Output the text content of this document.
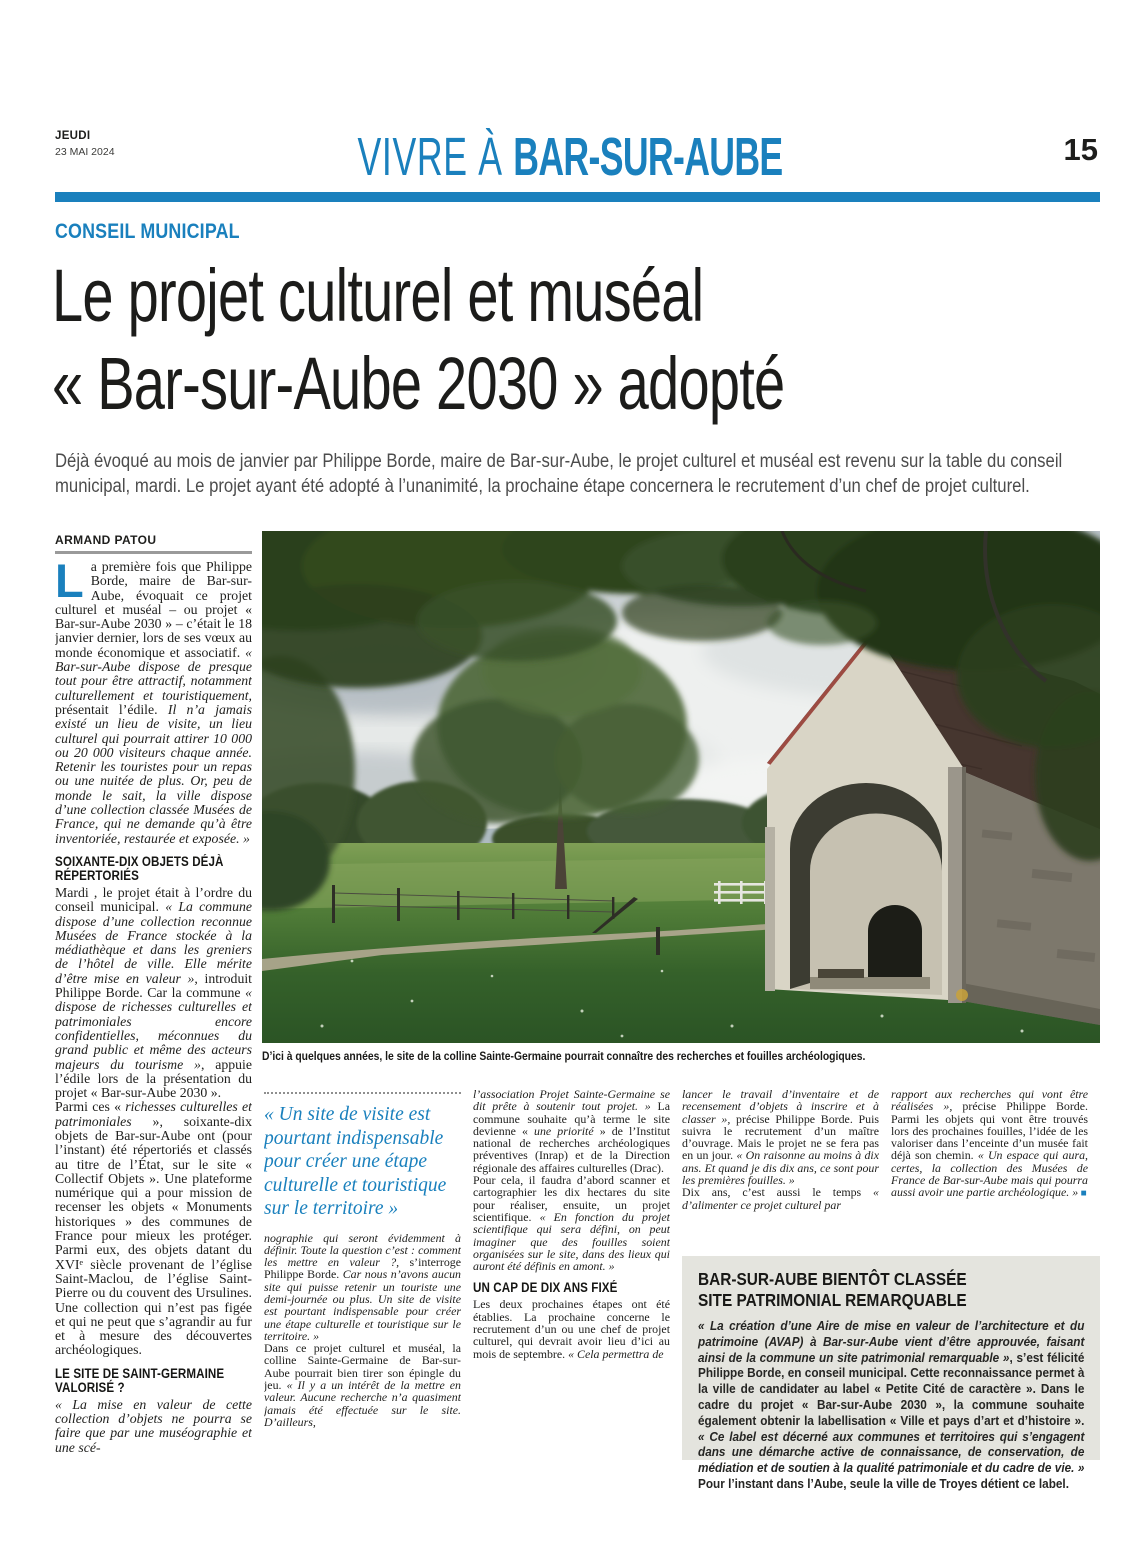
JEUDI
23 MAI 2024	VIVRE À BAR-SUR-AUBE	15
CONSEIL MUNICIPAL
Le projet culturel et muséal
« Bar-sur-Aube 2030 » adopté
Déjà évoqué au mois de janvier par Philippe Borde, maire de Bar-sur-Aube, le projet culturel et muséal est revenu sur la table du conseil municipal, mardi. Le projet ayant été adopté à l’unanimité, la prochaine étape concernera le recrutement d’un chef de projet culturel.
ARMAND PATOU
D’ici à quelques années, le site de la colline Sainte-Germaine pourrait connaître des recherches et fouilles archéologiques.

La première fois que Philippe Borde, maire de Bar-sur-Aube, évoquait ce projet culturel et muséal – ou projet « Bar-sur-Aube 2030 » – c’était le 18 janvier dernier, lors de ses vœux au monde économique et associatif. « Bar-sur-Aube dispose de presque tout pour être attractif, notamment culturellement et touristiquement, présentait l’édile. Il n’a jamais existé un lieu de visite, un lieu culturel qui pourrait attirer 10 000 ou 20 000 visiteurs chaque année. Retenir les touristes pour un repas ou une nuitée de plus. Or, peu de monde le sait, la ville dispose d’une collection classée Musées de France, qui ne demande qu’à être inventoriée, restaurée et exposée. »

SOIXANTE-DIX OBJETS DÉJÀ RÉPERTORIÉS

Mardi , le projet était à l’ordre du conseil municipal. « La commune dispose d’une collection reconnue Musées de France stockée à la médiathèque et dans les greniers de l’hôtel de ville. Elle mérite d’être mise en valeur », introduit Philippe Borde. Car la commune « dispose de richesses culturelles et patrimoniales encore confidentielles, méconnues du grand public et même des acteurs majeurs du tourisme », appuie l’édile lors de la présentation du projet « Bar-sur-Aube 2030 ».

Parmi ces « richesses culturelles et patrimoniales », soixante-dix objets de Bar-sur-Aube ont (pour l’instant) été répertoriés et classés au titre de l’État, sur le site « Collectif Objets ». Une plateforme numérique qui a pour mission de recenser les objets « Monuments historiques » des communes de France pour mieux les protéger. Parmi eux, des objets datant du XVIᵉ siècle provenant de l’église Saint-Maclou, de l’église Saint-Pierre ou du couvent des Ursulines. Une collection qui n’est pas figée et qui ne peut que s’agrandir au fur et à mesure des découvertes archéologiques.

LE SITE DE SAINT-GERMAINE VALORISÉ ?

« La mise en valeur de cette collection d’objets ne pourra se faire que par une muséographie et une scé-

« Un site de visite est pourtant indispensable pour créer une étape culturelle et touristique sur le territoire »

nographie qui seront évidemment à définir. Toute la question c’est : comment les mettre en valeur ?, s’interroge Philippe Borde. Car nous n’avons aucun site qui puisse retenir un touriste une demi-journée ou plus. Un site de visite est pourtant indispensable pour créer une étape culturelle et touristique sur le territoire. »

Dans ce projet culturel et muséal, la colline Sainte-Germaine de Bar-sur-Aube pourrait bien tirer son épingle du jeu. « Il y a un intérêt de la mettre en valeur. Aucune recherche n’a quasiment jamais été effectuée sur le site. D’ailleurs,

l’association Projet Sainte-Germaine se dit prête à soutenir tout projet. » La commune souhaite qu’à terme le site devienne « une priorité » de l’Institut national de recherches archéologiques préventives (Inrap) et de la Direction régionale des affaires culturelles (Drac).

Pour cela, il faudra d’abord scanner et cartographier les dix hectares du site pour réaliser, ensuite, un projet scientifique. « En fonction du projet scientifique qui sera défini, on peut imaginer que des fouilles soient organisées sur le site, dans des lieux qui auront été définis en amont. »

UN CAP DE DIX ANS FIXÉ

Les deux prochaines étapes ont été établies. La prochaine concerne le recrutement d’un ou une chef de projet culturel, qui devrait avoir lieu d’ici au mois de septembre. « Cela permettra de

lancer le travail d’inventaire et de recensement d’objets à inscrire et à classer », précise Philippe Borde. Puis suivra le recrutement d’un maître d’ouvrage. Mais le projet ne se fera pas en un jour. « On raisonne au moins à dix ans. Et quand je dis dix ans, ce sont pour les premières fouilles. »

Dix ans, c’est aussi le temps « d’alimenter ce projet culturel par

rapport aux recherches qui vont être réalisées », précise Philippe Borde. Parmi les objets qui vont être trouvés lors des prochaines fouilles, l’idée de les valoriser dans l’enceinte d’un musée fait déjà son chemin. « Un espace qui aura, certes, la collection des Musées de France de Bar-sur-Aube mais qui pourra aussi avoir une partie archéologique. » ■

BAR-SUR-AUBE BIENTÔT CLASSÉE
SITE PATRIMONIAL REMARQUABLE
« La création d’une Aire de mise en valeur de l’architecture et du patrimoine (AVAP) à Bar-sur-Aube vient d’être approuvée, faisant ainsi de la commune un site patrimonial remarquable », s’est félicité Philippe Borde, en conseil municipal. Cette reconnaissance permet à la ville de candidater au label « Petite Cité de caractère ». Dans le cadre du projet « Bar-sur-Aube 2030 », la commune souhaite également obtenir la labellisation « Ville et pays d’art et d’histoire ». « Ce label est décerné aux communes et territoires qui s’engagent dans une démarche active de connaissance, de conservation, de médiation et de soutien à la qualité patrimoniale et du cadre de vie. » Pour l’instant dans l’Aube, seule la ville de Troyes détient ce label.
